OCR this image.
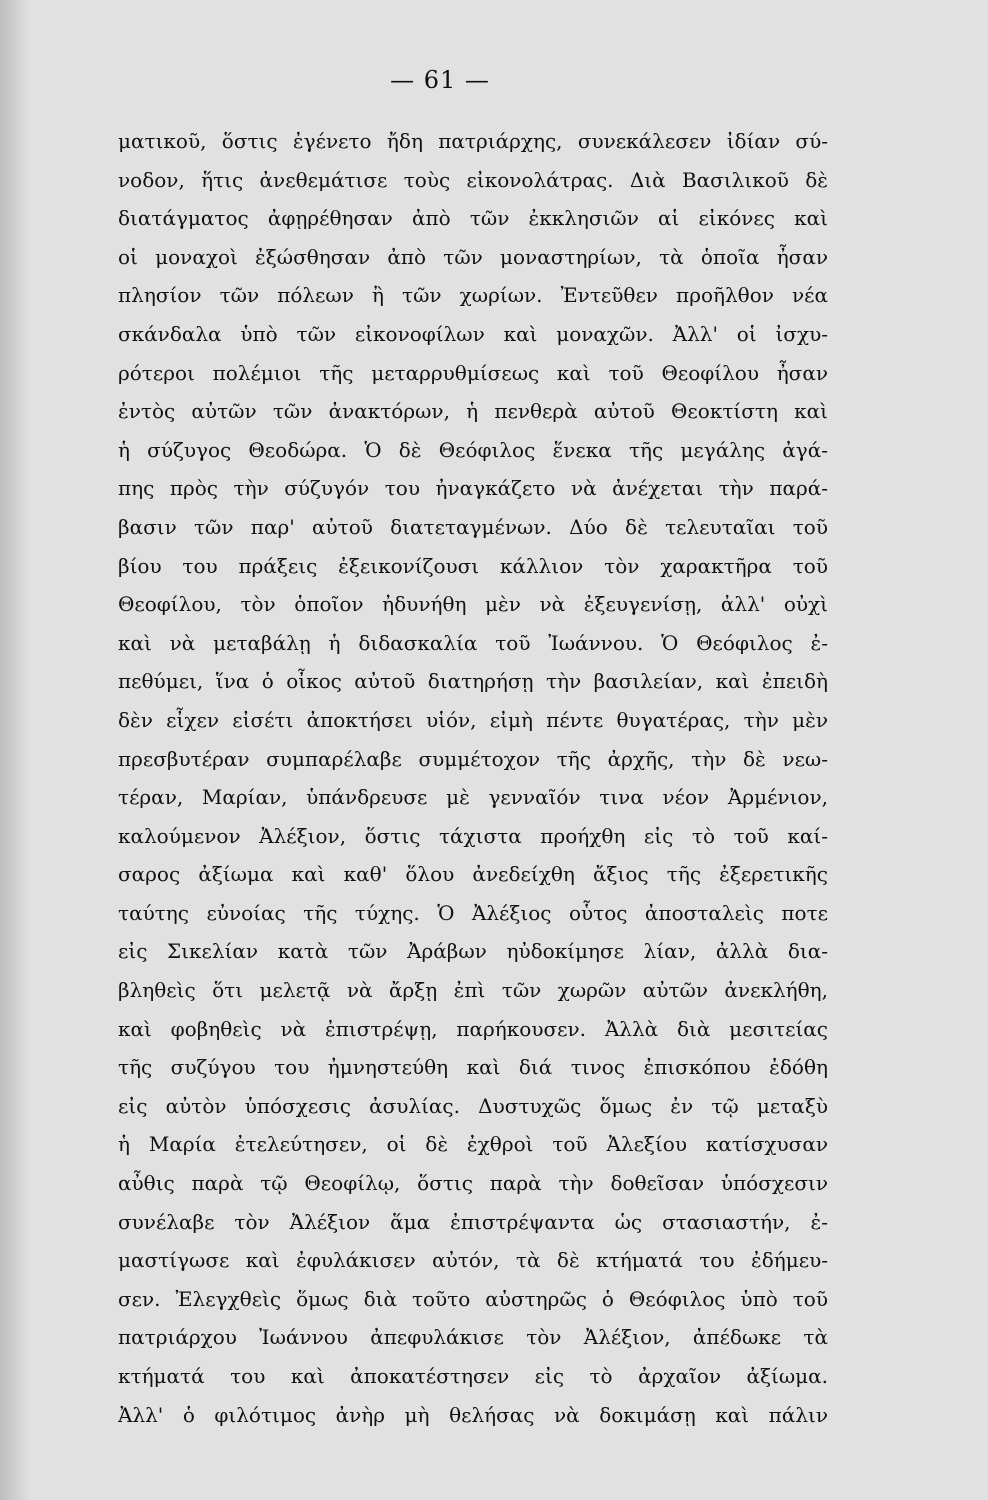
— 61 —
ματικοῦ, ὅστις ἐγένετο ἤδη πατριάρχης, συνεκάλεσεν ἰδίαν σύ-
νοδον, ἥτις ἀνεθεμάτισε τοὺς εἰκονολάτρας. Διὰ Βασιλικοῦ δὲ
διατάγματος ἀφῃρέθησαν ἀπὸ τῶν ἐκκλησιῶν αἱ εἰκόνες καὶ
οἱ μοναχοὶ ἐξώσθησαν ἀπὸ τῶν μοναστηρίων, τὰ ὁποῖα ἦσαν
πλησίον τῶν πόλεων ἢ τῶν χωρίων. Ἐντεῦθεν προῆλθον νέα
σκάνδαλα ὑπὸ τῶν εἰκονοφίλων καὶ μοναχῶν. Ἀλλ' οἱ ἰσχυ-
ρότεροι πολέμιοι τῆς μεταρρυθμίσεως καὶ τοῦ Θεοφίλου ἦσαν
ἐντὸς αὐτῶν τῶν ἀνακτόρων, ἡ πενθερὰ αὐτοῦ Θεοκτίστη καὶ
ἡ σύζυγος Θεοδώρα. Ὁ δὲ Θεόφιλος ἕνεκα τῆς μεγάλης ἀγά-
πης πρὸς τὴν σύζυγόν του ἠναγκάζετο νὰ ἀνέχεται τὴν παρά-
βασιν τῶν παρ' αὐτοῦ διατεταγμένων. Δύο δὲ τελευταῖαι τοῦ
βίου του πράξεις ἐξεικονίζουσι κάλλιον τὸν χαρακτῆρα τοῦ
Θεοφίλου, τὸν ὁποῖον ἠδυνήθη μὲν νὰ ἐξευγενίσῃ, ἀλλ' οὐχὶ
καὶ νὰ μεταβάλῃ ἡ διδασκαλία τοῦ Ἰωάννου. Ὁ Θεόφιλος ἐ-
πεθύμει, ἵνα ὁ οἶκος αὐτοῦ διατηρήσῃ τὴν βασιλείαν, καὶ ἐπειδὴ
δὲν εἶχεν εἰσέτι ἀποκτήσει υἱόν, εἰμὴ πέντε θυγατέρας, τὴν μὲν
πρεσβυτέραν συμπαρέλαβε συμμέτοχον τῆς ἀρχῆς, τὴν δὲ νεω-
τέραν, Μαρίαν, ὑπάνδρευσε μὲ γενναῖόν τινα νέον Ἀρμένιον,
καλούμενον Ἀλέξιον, ὅστις τάχιστα προήχθη εἰς τὸ τοῦ καί-
σαρος ἀξίωμα καὶ καθ' ὅλου ἀνεδείχθη ἄξιος τῆς ἐξερετικῆς
ταύτης εὐνοίας τῆς τύχης. Ὁ Ἀλέξιος οὗτος ἀποσταλεὶς ποτε
εἰς Σικελίαν κατὰ τῶν Ἀράβων ηὐδοκίμησε λίαν, ἀλλὰ δια-
βληθεὶς ὅτι μελετᾷ νὰ ἄρξῃ ἐπὶ τῶν χωρῶν αὐτῶν ἀνεκλήθη,
καὶ φοβηθεὶς νὰ ἐπιστρέψῃ, παρήκουσεν. Ἀλλὰ διὰ μεσιτείας
τῆς συζύγου του ἠμνηστεύθη καὶ διά τινος ἐπισκόπου ἐδόθη
εἰς αὐτὸν ὑπόσχεσις ἀσυλίας. Δυστυχῶς ὅμως ἐν τῷ μεταξὺ
ἡ Μαρία ἐτελεύτησεν, οἱ δὲ ἐχθροὶ τοῦ Ἀλεξίου κατίσχυσαν
αὖθις παρὰ τῷ Θεοφίλῳ, ὅστις παρὰ τὴν δοθεῖσαν ὑπόσχεσιν
συνέλαβε τὸν Ἀλέξιον ἅμα ἐπιστρέψαντα ὡς στασιαστήν, ἐ-
μαστίγωσε καὶ ἐφυλάκισεν αὐτόν, τὰ δὲ κτήματά του ἐδήμευ-
σεν. Ἐλεγχθεὶς ὅμως διὰ τοῦτο αὐστηρῶς ὁ Θεόφιλος ὑπὸ τοῦ
πατριάρχου Ἰωάννου ἀπεφυλάκισε τὸν Ἀλέξιον, ἀπέδωκε τὰ
κτήματά του καὶ ἀποκατέστησεν εἰς τὸ ἀρχαῖον ἀξίωμα.
Ἀλλ' ὁ φιλότιμος ἀνὴρ μὴ θελήσας νὰ δοκιμάσῃ καὶ πάλιν
